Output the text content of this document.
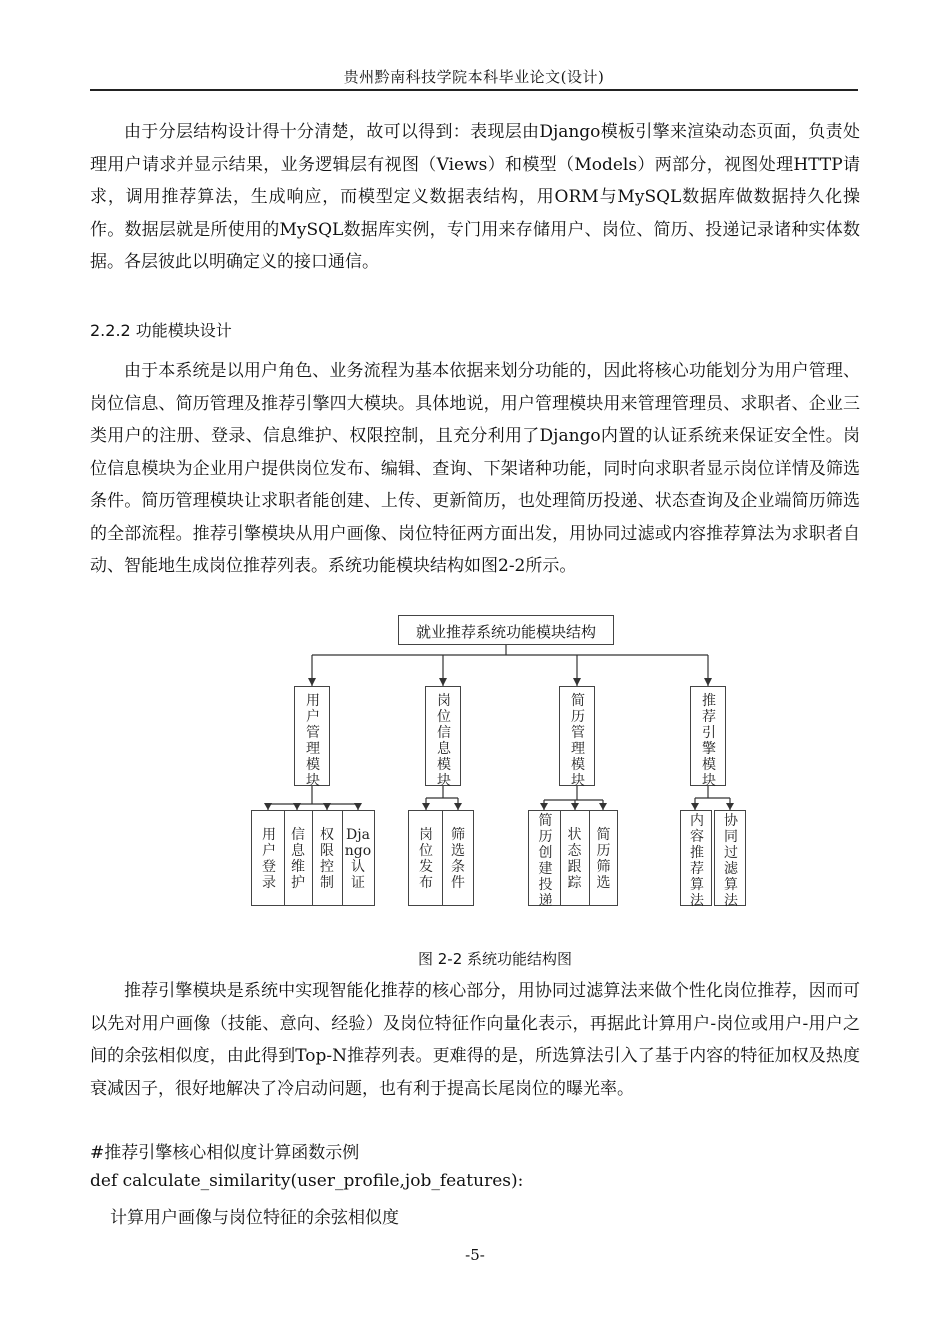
贵州黔南科技学院本科毕业论文(设计)

由于分层结构设计得十分清楚，故可以得到：表现层由Django模板引擎来渲染动态页面，负责处理用户请求并显示结果，业务逻辑层有视图（Views）和模型（Models）两部分，视图处理HTTP请求，调用推荐算法，生成响应，而模型定义数据表结构，用ORM与MySQL数据库做数据持久化操作。数据层就是所使用的MySQL数据库实例，专门用来存储用户、岗位、简历、投递记录诸种实体数据。各层彼此以明确定义的接口通信。

2.2.2 功能模块设计

由于本系统是以用户角色、业务流程为基本依据来划分功能的，因此将核心功能划分为用户管理、岗位信息、简历管理及推荐引擎四大模块。具体地说，用户管理模块用来管理管理员、求职者、企业三类用户的注册、登录、信息维护、权限控制，且充分利用了Django内置的认证系统来保证安全性。岗位信息模块为企业用户提供岗位发布、编辑、查询、下架诸种功能，同时向求职者显示岗位详情及筛选条件。简历管理模块让求职者能创建、上传、更新简历，也处理简历投递、状态查询及企业端简历筛选的全部流程。推荐引擎模块从用户画像、岗位特征两方面出发，用协同过滤或内容推荐算法为求职者自动、智能地生成岗位推荐列表。系统功能模块结构如图2-2所示。

就业推荐系统功能模块结构
用
户
管
理
模
块
岗
位
信
息
模
块
简
历
管
理
模
块
推
荐
引
擎
模
块
用
户
登
录
信
息
维
护
权
限
控
制
Dja
ngo
认
证
岗
位
发
布
筛
选
条
件
简
历
创
建
投
递
状
态
跟
踪
简
历
筛
选
内
容
推
荐
算
法
协
同
过
滤
算
法
图 2-2 系统功能结构图

推荐引擎模块是系统中实现智能化推荐的核心部分，用协同过滤算法来做个性化岗位推荐，因而可以先对用户画像（技能、意向、经验）及岗位特征作向量化表示，再据此计算用户-岗位或用户-用户之间的余弦相似度，由此得到Top-N推荐列表。更难得的是，所选算法引入了基于内容的特征加权及热度衰减因子，很好地解决了冷启动问题，也有利于提高长尾岗位的曝光率。

#推荐引擎核心相似度计算函数示例
def calculate_similarity(user_profile,job_features):
计算用户画像与岗位特征的余弦相似度
-5-
